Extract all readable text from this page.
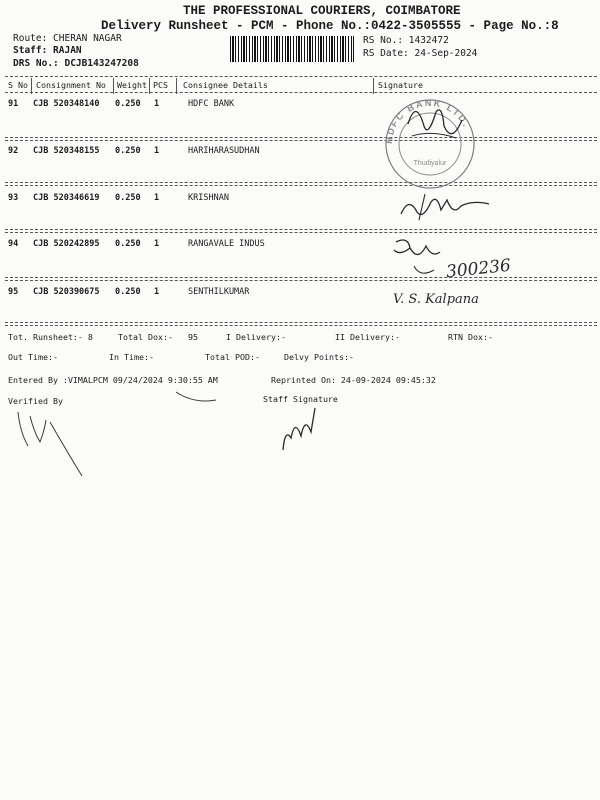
THE PROFESSIONAL COURIERS, COIMBATORE
Delivery Runsheet - PCM - Phone No.:0422-3505555 - Page No.:8
Route: CHERAN NAGAR
Staff: RAJAN
DRS No.: DCJB143247208
RS No.: 1432472
RS Date: 24-Sep-2024
S No Consignment No Weight PCS Consignee Details	Signature
91 CJB 520348140 0.250 1	HDFC BANK
92 CJB 520348155 0.250 1	HARIHARASUDHAN
93 CJB 520346619 0.250 1	KRISHNAN
94 CJB 520242895 0.250 1	RANGAVALE INDUS
95 CJB 520390675 0.250 1	SENTHILKUMAR
HDFC BANK LTD.
Thudiyalur
300236
V. S. Kalpana
Tot. Runsheet:- 8	Total Dox:- 95	I Delivery:-	II Delivery:-	RTN Dox:-
Out Time:-	In Time:-	Total POD:-	Delvy Points:-
Entered By :VIMALPCM 09/24/2024 9:30:55 AM	Reprinted On: 24-09-2024 09:45:32
Verified By	Staff Signature
